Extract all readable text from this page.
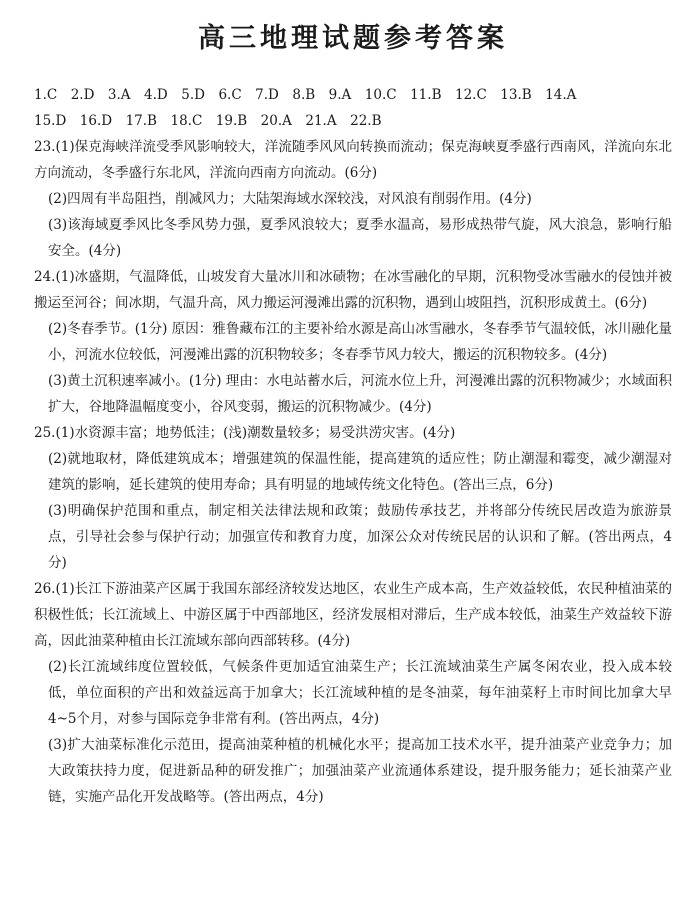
高三地理试题参考答案
1.C　2.D　3.A　4.D　5.D　6.C　7.D　8.B　9.A　10.C　11.B　12.C　13.B　14.A
15.D　16.D　17.B　18.C　19.B　20.A　21.A　22.B

23.(1)保克海峡洋流受季风影响较大，洋流随季风风向转换而流动；保克海峡夏季盛行西南风，洋流向东北方向流动，冬季盛行东北风，洋流向西南方向流动。(6分)

(2)四周有半岛阻挡，削减风力；大陆架海域水深较浅，对风浪有削弱作用。(4分)

(3)该海域夏季风比冬季风势力强，夏季风浪较大；夏季水温高，易形成热带气旋，风大浪急，影响行船安全。(4分)

24.(1)冰盛期，气温降低，山坡发育大量冰川和冰碛物；在冰雪融化的早期，沉积物受冰雪融水的侵蚀并被搬运至河谷；间冰期，气温升高，风力搬运河漫滩出露的沉积物，遇到山坡阻挡，沉积形成黄土。(6分)

(2)冬春季节。(1分) 原因：雅鲁藏布江的主要补给水源是高山冰雪融水，冬春季节气温较低，冰川融化量小，河流水位较低，河漫滩出露的沉积物较多；冬春季节风力较大，搬运的沉积物较多。(4分)

(3)黄土沉积速率减小。(1分) 理由：水电站蓄水后，河流水位上升，河漫滩出露的沉积物减少；水域面积扩大，谷地降温幅度变小，谷风变弱，搬运的沉积物减少。(4分)

25.(1)水资源丰富；地势低洼；(浅)潮数量较多；易受洪涝灾害。(4分)

(2)就地取材，降低建筑成本；增强建筑的保温性能，提高建筑的适应性；防止潮湿和霉变，减少潮湿对建筑的影响，延长建筑的使用寿命；具有明显的地域传统文化特色。(答出三点，6分)

(3)明确保护范围和重点，制定相关法律法规和政策；鼓励传承技艺，并将部分传统民居改造为旅游景点，引导社会参与保护行动；加强宣传和教育力度，加深公众对传统民居的认识和了解。(答出两点，4分)

26.(1)长江下游油菜产区属于我国东部经济较发达地区，农业生产成本高，生产效益较低，农民种植油菜的积极性低；长江流域上、中游区属于中西部地区，经济发展相对滞后，生产成本较低，油菜生产效益较下游高，因此油菜种植由长江流域东部向西部转移。(4分)

(2)长江流域纬度位置较低，气候条件更加适宜油菜生产；长江流域油菜生产属冬闲农业，投入成本较低，单位面积的产出和效益远高于加拿大；长江流域种植的是冬油菜，每年油菜籽上市时间比加拿大早4~5个月，对参与国际竞争非常有利。(答出两点，4分)

(3)扩大油菜标准化示范田，提高油菜种植的机械化水平；提高加工技术水平，提升油菜产业竞争力；加大政策扶持力度，促进新品种的研发推广；加强油菜产业流通体系建设，提升服务能力；延长油菜产业链，实施产品化开发战略等。(答出两点，4分)
